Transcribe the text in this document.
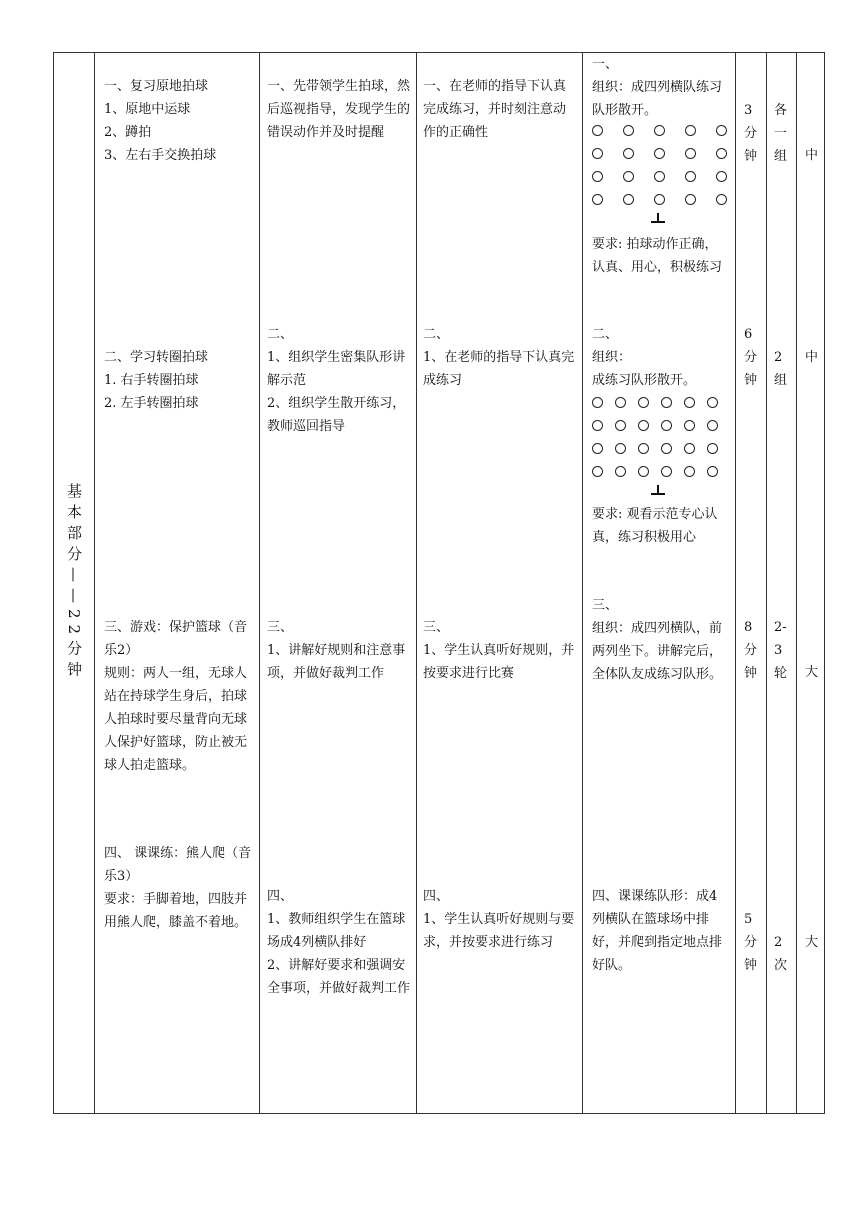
基本部分——22分钟
一、复习原地拍球
1、原地中运球
2、蹲拍
3、左右手交换拍球
一、先带领学生拍球，然后巡视指导，发现学生的错误动作并及时提醒
一、在老师的指导下认真完成练习，并时刻注意动作的正确性
一、
组织：成四列横队练习队形散开。
要求: 拍球动作正确，认真、用心，积极练习
3
分
钟
各
一
组	中
二、学习转圈拍球
1. 右手转圈拍球
2. 左手转圈拍球
二、
1、组织学生密集队形讲解示范
2、组织学生散开练习，教师巡回指导
二、
1、在老师的指导下认真完成练习
二、
组织：
成练习队形散开。
要求: 观看示范专心认真，练习积极用心
6
分
钟
2
组
中
三、游戏：保护篮球（音乐2）
规则：两人一组，无球人站在持球学生身后，拍球人拍球时要尽量背向无球人保护好篮球，防止被无球人拍走篮球。
三、
1、讲解好规则和注意事项，并做好裁判工作
三、
1、学生认真听好规则，并按要求进行比赛
三、
组织：成四列横队，前两列坐下。讲解完后，全体队友成练习队形。
8
分
钟
2-
3
轮	大
四、 课课练：熊人爬（音乐3）
要求：手脚着地，四肢并用熊人爬，膝盖不着地。
四、
1、教师组织学生在篮球场成4列横队排好
2、讲解好要求和强调安全事项，并做好裁判工作
四、
1、学生认真听好规则与要求，并按要求进行练习
四、课课练队形：成4列横队在篮球场中排好，并爬到指定地点排好队。
5
分
钟
2
次
大
